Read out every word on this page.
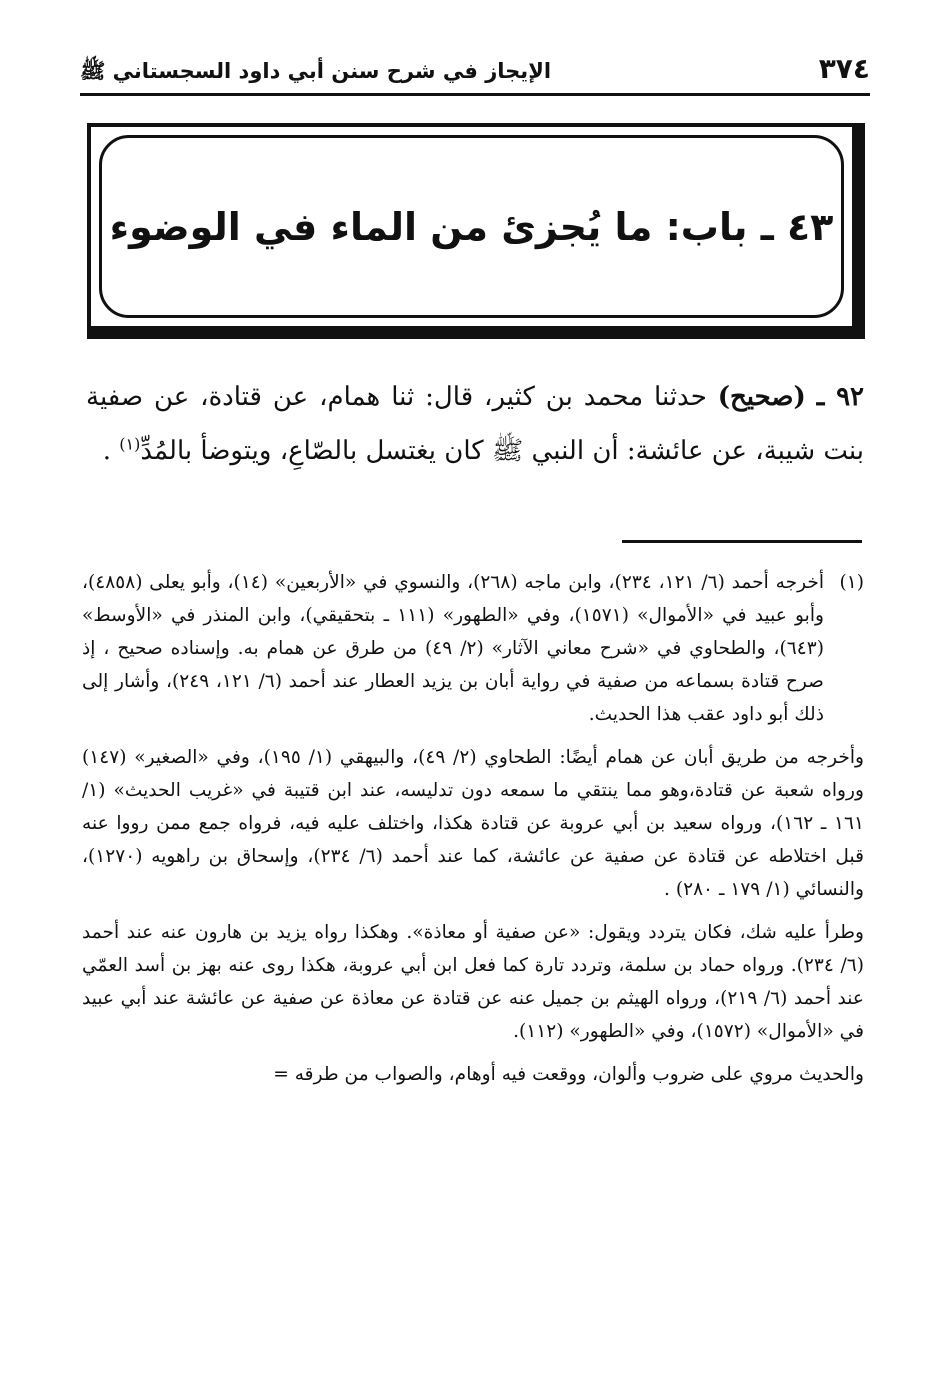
٣٧٤
الإيجاز في شرح سنن أبي داود السجستاني ﷺ
٤٣ ـ باب: ما يُجزئ من الماء في الوضوء
٩٢ ـ (صحيح) حدثنا محمد بن كثير، قال: ثنا همام، عن قتادة، عن صفية بنت شيبة، عن عائشة: أن النبي ﷺ كان يغتسل بالصّاعِ، ويتوضأ بالمُدِّ$^{(١)}$ .
(١)
أخرجه أحمد (٦/ ١٢١، ٢٣٤)، وابن ماجه (٢٦٨)، والنسوي في «الأربعين» (١٤)، وأبو يعلى (٤٨٥٨)، وأبو عبيد في «الأموال» (١٥٧١)، وفي «الطهور» (١١١ ـ بتحقيقي)، وابن المنذر في «الأوسط» (٦٤٣)، والطحاوي في «شرح معاني الآثار» (٢/ ٤٩) من طرق عن همام به. وإسناده صحيح ، إذ صرح قتادة بسماعه من صفية في رواية أبان بن يزيد العطار عند أحمد (٦/ ١٢١، ٢٤٩)، وأشار إلى ذلك أبو داود عقب هذا الحديث.
وأخرجه من طريق أبان عن همام أيضًا: الطحاوي (٢/ ٤٩)، والبيهقي (١/ ١٩٥)، وفي «الصغير» (١٤٧) ورواه شعبة عن قتادة،وهو مما ينتقي ما سمعه دون تدليسه، عند ابن قتيبة في «غريب الحديث» (١/ ١٦١ ـ ١٦٢)، ورواه سعيد بن أبي عروبة عن قتادة هكذا، واختلف عليه فيه، فرواه جمع ممن رووا عنه قبل اختلاطه عن قتادة عن صفية عن عائشة، كما عند أحمد (٦/ ٢٣٤)، وإسحاق بن راهويه (١٢٧٠)، والنسائي (١/ ١٧٩ ـ ٢٨٠) .
وطرأ عليه شك، فكان يتردد ويقول: «عن صفية أو معاذة». وهكذا رواه يزيد بن هارون عنه عند أحمد (٦/ ٢٣٤). ورواه حماد بن سلمة، وتردد تارة كما فعل ابن أبي عروبة، هكذا روى عنه بهز بن أسد العمّي عند أحمد (٦/ ٢١٩)، ورواه الهيثم بن جميل عنه عن قتادة عن معاذة عن صفية عن عائشة عند أبي عبيد في «الأموال» (١٥٧٢)، وفي «الطهور» (١١٢).
والحديث مروي على ضروب وألوان، ووقعت فيه أوهام، والصواب من طرقه =
